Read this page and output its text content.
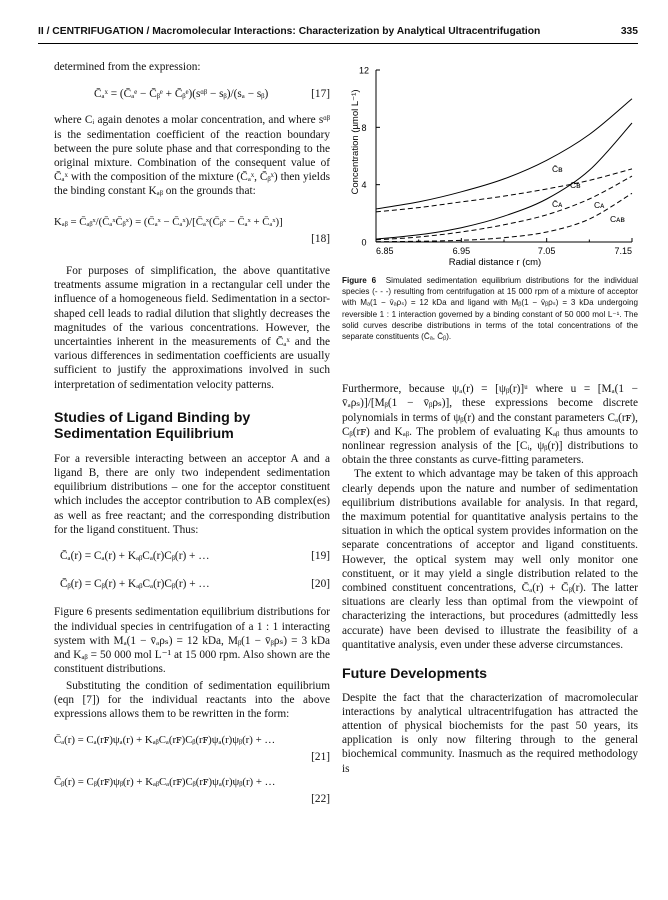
II / CENTRIFUGATION / Macromolecular Interactions: Characterization by Analytical Ultracentrifugation	335

determined from the expression:

C̄ₐˣ = (C̄ₐᵉ − C̄ᵦᵉ + C̄ᵦᵉ)(sᵅᵝ − sᵦ)/(sₐ − sᵦ)	[17]

where Cᵢ again denotes a molar concentration, and where sᵅᵝ is the sedimentation coefficient of the reaction boundary between the pure solute phase and that corresponding to the original mixture. Combination of the consequent value of C̄ₐˣ with the composition of the mixture (C̄ₐˣ, C̄ᵦˣ) then yields the binding constant Kₐᵦ on the grounds that:

Kₐᵦ = C̄ₐᵦˣ/(C̄ₐˣC̄ᵦˣ) = (C̄ₐˣ − C̄ₐˣ)/[C̄ₐˣ(C̄ᵦˣ − C̄ₐˣ + C̄ₐˣ)]
[18]

For purposes of simplification, the above quantitative treatments assume migration in a rectangular cell under the influence of a homogeneous field. Sedimentation in a sector-shaped cell leads to radial dilution that slightly decreases the magnitudes of the various concentrations. However, the uncertainties inherent in the measurements of C̄ₐˣ and the various differences in sedimentation coefficients are usually sufficient to justify the approximations involved in such interpretation of sedimentation velocity patterns.

Studies of Ligand Binding by Sedimentation Equilibrium

For a reversible interacting between an acceptor A and a ligand B, there are only two independent sedimentation equilibrium distributions – one for the acceptor constituent which includes the acceptor contribution to AB complex(es) as well as free reactant; and the corresponding distribution for the ligand constituent. Thus:

C̄ₐ(r) = Cₐ(r) + KₐᵦCₐ(r)Cᵦ(r) + …	[19]
C̄ᵦ(r) = Cᵦ(r) + KₐᵦCₐ(r)Cᵦ(r) + …	[20]

Figure 6 presents sedimentation equilibrium distributions for the individual species in centrifugation of a 1 : 1 interacting system with Mₐ(1 − v̄ₐρₛ) = 12 kDa, Mᵦ(1 − v̄ᵦρₛ) = 3 kDa and Kₐᵦ = 50 000 mol L⁻¹ at 15 000 rpm. Also shown are the constituent distributions.

Substituting the condition of sedimentation equilibrium (eqn [7]) for the individual reactants into the above expressions allows them to be rewritten in the form:

C̄ₐ(r) = Cₐ(rꜰ)ψₐ(r) + KₐᵦCₐ(rꜰ)Cᵦ(rꜰ)ψₐ(r)ψᵦ(r) + …
[21]
C̄ᵦ(r) = Cᵦ(rꜰ)ψᵦ(r) + KₐᵦCₐ(rꜰ)Cᵦ(rꜰ)ψₐ(r)ψᵦ(r) + …
[22]
0
4
8
12
6.85	6.95	7.05	7.15
C̄ʙ
Cʙ
C̄ᴀ	Cᴀ
Cᴀʙ
Concentration (µmol L⁻¹)
Radial distance r (cm)

Figure 6 Simulated sedimentation equilibrium distributions for the individual species (- - -) resulting from centrifugation at 15 000 rpm of a mixture of acceptor with Mₐ(1 − v̄ₐρₛ) = 12 kDa and ligand with Mᵦ(1 − v̄ᵦρₛ) = 3 kDa undergoing reversible 1 : 1 interaction governed by a binding constant of 50 000 mol L⁻¹. The solid curves describe distributions in terms of the total concentrations of the separate constituents (C̄ₐ, C̄ᵦ).

Furthermore, because ψₐ(r) = [ψᵦ(r)]ᵘ where u = [Mₐ(1 − v̄ₐρₛ)]/[Mᵦ(1 − v̄ᵦρₛ)], these expressions become discrete polynomials in terms of ψᵦ(r) and the constant parameters Cₐ(rꜰ), Cᵦ(rꜰ) and Kₐᵦ. The problem of evaluating Kₐᵦ thus amounts to nonlinear regression analysis of the [Cᵢ, ψᵦ(r)] distributions to obtain the three constants as curve-fitting parameters.

The extent to which advantage may be taken of this approach clearly depends upon the nature and number of sedimentation equilibrium distributions available for analysis. In that regard, the maximum potential for quantitative analysis pertains to the situation in which the optical system provides information on the separate concentrations of acceptor and ligand constituents. However, the optical system may well only monitor one constituent, or it may yield a single distribution related to the combined constituent concentrations, C̄ₐ(r) + C̄ᵦ(r). The latter situations are clearly less than optimal from the viewpoint of characterizing the interactions, but procedures (admittedly less accurate) have been devised to illustrate the feasibility of a quantitative analysis, even under these adverse circumstances.

Future Developments

Despite the fact that the characterization of macromolecular interactions by analytical ultracentrifugation has attracted the attention of physical biochemists for the past 50 years, its application is only now filtering through to the general biochemical community. Inasmuch as the required methodology is
